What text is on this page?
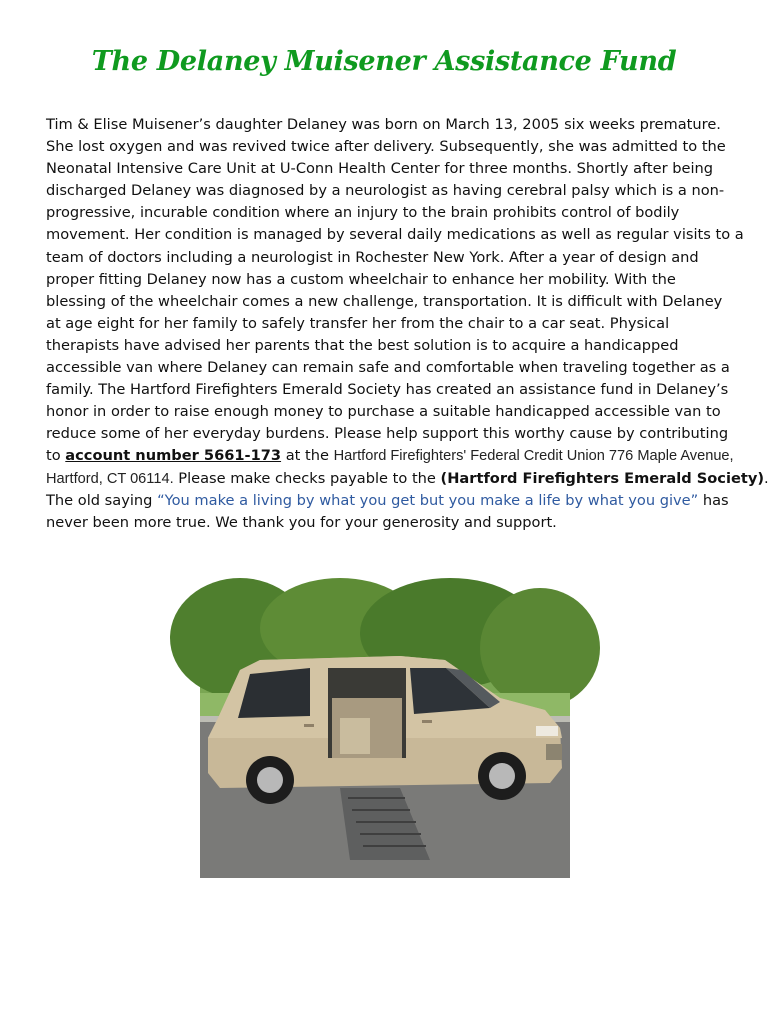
The Delaney Muisener Assistance Fund
Tim & Elise Muisener’s daughter Delaney was born on March 13, 2005 six weeks premature.
She lost oxygen and was revived twice after delivery. Subsequently, she was admitted to the
Neonatal Intensive Care Unit at U-Conn Health Center for three months. Shortly after being
discharged Delaney was diagnosed by a neurologist as having cerebral palsy which is a non-
progressive, incurable condition where an injury to the brain prohibits control of bodily
movement. Her condition is managed by several daily medications as well as regular visits to a
team of doctors including a neurologist in Rochester New York. After a year of design and
proper fitting Delaney now has a custom wheelchair to enhance her mobility. With the
blessing of the wheelchair comes a new challenge, transportation. It is difficult with Delaney
at age eight for her family to safely transfer her from the chair to a car seat. Physical
therapists have advised her parents that the best solution is to acquire a handicapped
accessible van where Delaney can remain safe and comfortable when traveling together as a
family. The Hartford Firefighters Emerald Society has created an assistance fund in Delaney’s
honor in order to raise enough money to purchase a suitable handicapped accessible van to
reduce some of her everyday burdens. Please help support this worthy cause by contributing
to account number 5661-173 at the Hartford Firefighters' Federal Credit Union 776 Maple Avenue,
Hartford, CT 06114. Please make checks payable to the (Hartford Firefighters Emerald Society).
The old saying “You make a living by what you get but you make a life by what you give” has
never been more true. We thank you for your generosity and support.
